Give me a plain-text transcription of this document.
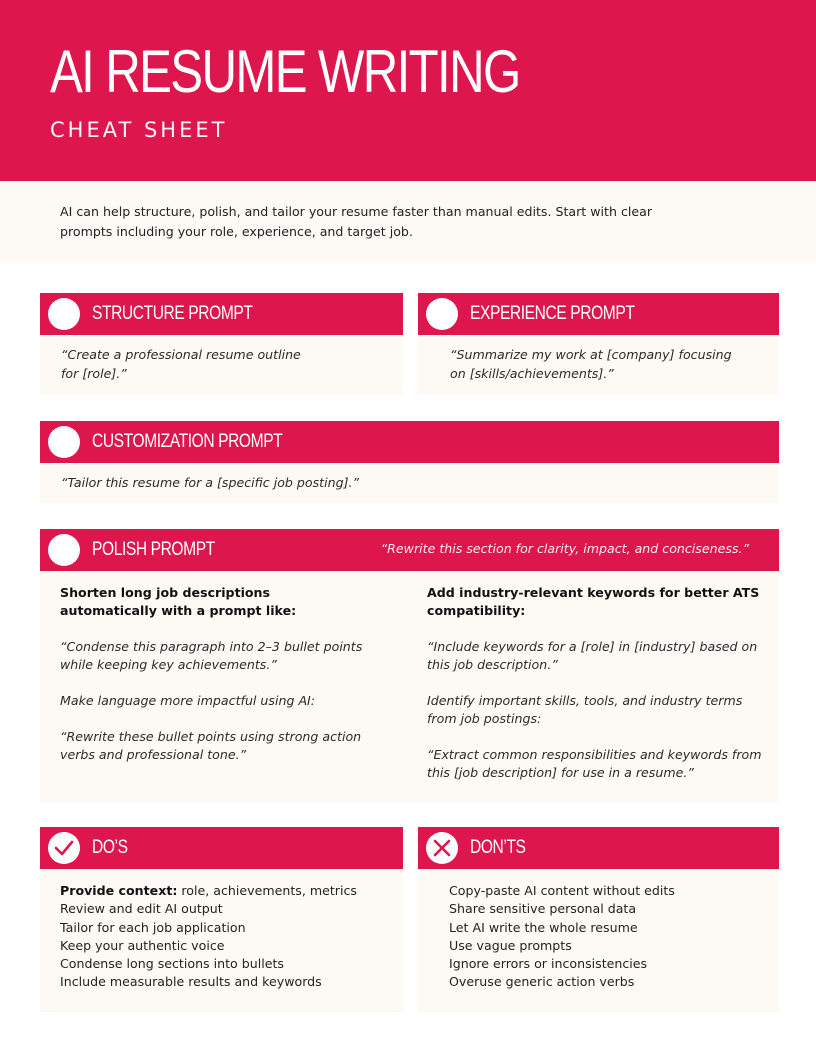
AI RESUME WRITING
CHEAT SHEET

AI can help structure, polish, and tailor your resume faster than manual edits. Start with clear prompts including your role, experience, and target job.

STRUCTURE PROMPT
“Create a professional resume outline for [role].”
EXPERIENCE PROMPT
“Summarize my work at [company] focusing on [skills/achievements].”
CUSTOMIZATION PROMPT
“Tailor this resume for a [specific job posting].”
POLISH PROMPT	“Rewrite this section for clarity, impact, and conciseness.”
Shorten long job descriptions automatically with a prompt like:
“Condense this paragraph into 2–3 bullet points while keeping key achievements.”
Make language more impactful using AI:
“Rewrite these bullet points using strong action verbs and professional tone.”
Add industry-relevant keywords for better ATS compatibility:
“Include keywords for a [role] in [industry] based on this job description.”
Identify important skills, tools, and industry terms from job postings:
“Extract common responsibilities and keywords from this [job description] for use in a resume.”
DO’S
Provide context: role, achievements, metrics
Review and edit AI output
Tailor for each job application
Keep your authentic voice
Condense long sections into bullets
Include measurable results and keywords
DON’TS
Copy-paste AI content without edits
Share sensitive personal data
Let AI write the whole resume
Use vague prompts
Ignore errors or inconsistencies
Overuse generic action verbs
